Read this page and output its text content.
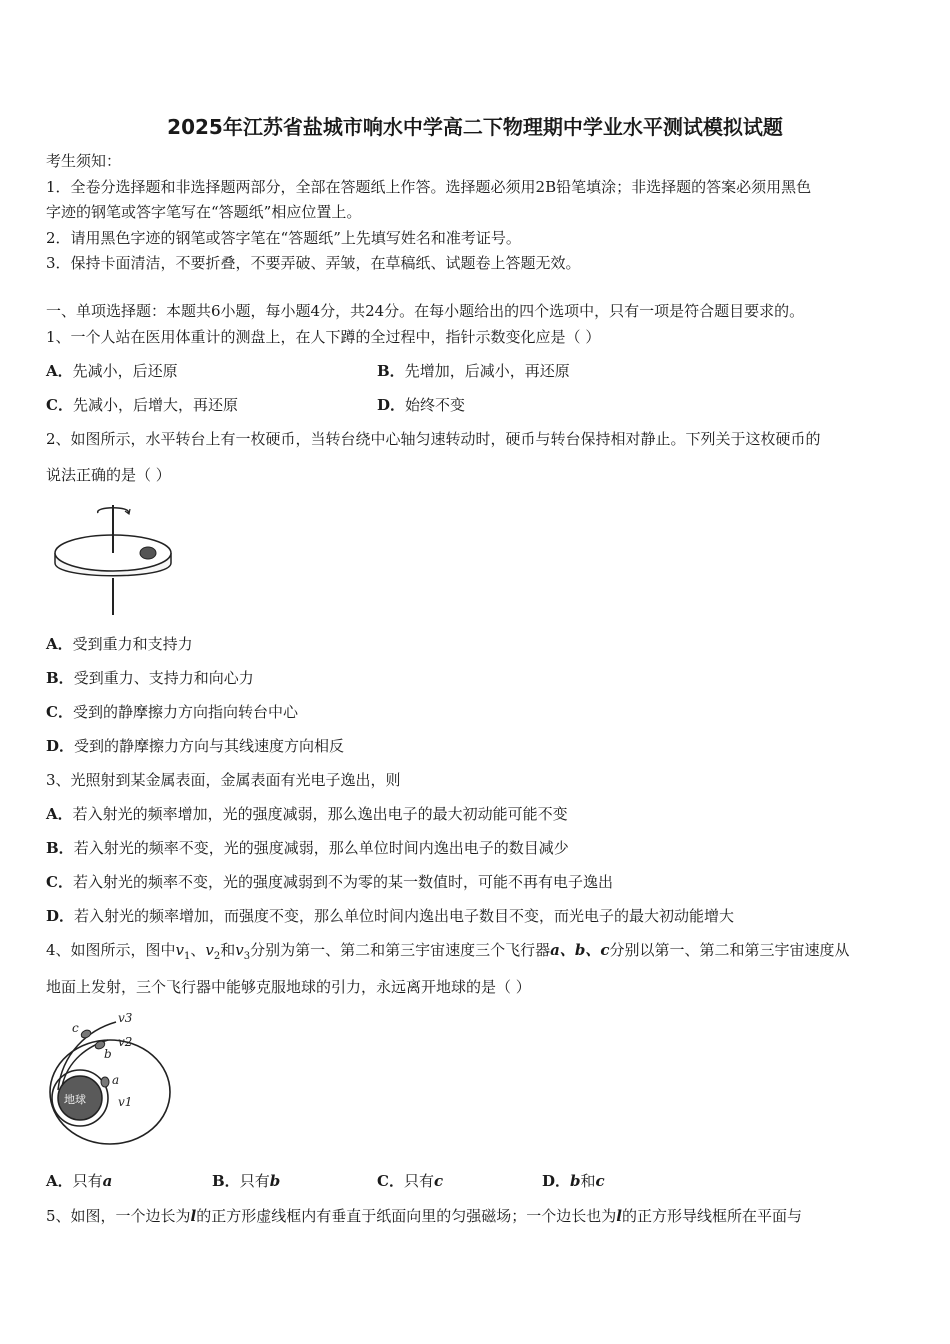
2025年江苏省盐城市响水中学高二下物理期中学业水平测试模拟试题
考生须知：
1．全卷分选择题和非选择题两部分，全部在答题纸上作答。选择题必须用2B铅笔填涂；非选择题的答案必须用黑色
字迹的钢笔或答字笔写在“答题纸”相应位置上。
2．请用黑色字迹的钢笔或答字笔在“答题纸”上先填写姓名和准考证号。
3．保持卡面清洁，不要折叠，不要弄破、弄皱，在草稿纸、试题卷上答题无效。
一、单项选择题：本题共6小题，每小题4分，共24分。在每小题给出的四个选项中，只有一项是符合题目要求的。
1、一个人站在医用体重计的测盘上，在人下蹲的全过程中，指针示数变化应是（ ）
A．先减小，后还原	B．先增加，后减小，再还原
C．先减小，后增大，再还原	D．始终不变
2、如图所示，水平转台上有一枚硬币，当转台绕中心轴匀速转动时，硬币与转台保持相对静止。下列关于这枚硬币的
说法正确的是（ ）
A．受到重力和支持力
B．受到重力、支持力和向心力
C．受到的静摩擦力方向指向转台中心
D．受到的静摩擦力方向与其线速度方向相反
3、光照射到某金属表面，金属表面有光电子逸出，则
A．若入射光的频率增加，光的强度减弱，那么逸出电子的最大初动能可能不变
B．若入射光的频率不变，光的强度减弱，那么单位时间内逸出电子的数目减少
C．若入射光的频率不变，光的强度减弱到不为零的某一数值时，可能不再有电子逸出
D．若入射光的频率增加，而强度不变，那么单位时间内逸出电子数目不变，而光电子的最大初动能增大
4、如图所示，图中$v_1$、$v_2$和$v_3$分别为第一、第二和第三宇宙速度三个飞行器a、b、c分别以第一、第二和第三宇宙速度从
地面上发射，三个飞行器中能够克服地球的引力，永远离开地球的是（ ）
地球
c
b
a
v3
v2
v1
A．只有a	B．只有b	C．只有c	D．b和c
5、如图，一个边长为l的正方形虚线框内有垂直于纸面向里的匀强磁场；一个边长也为l的正方形导线框所在平面与
